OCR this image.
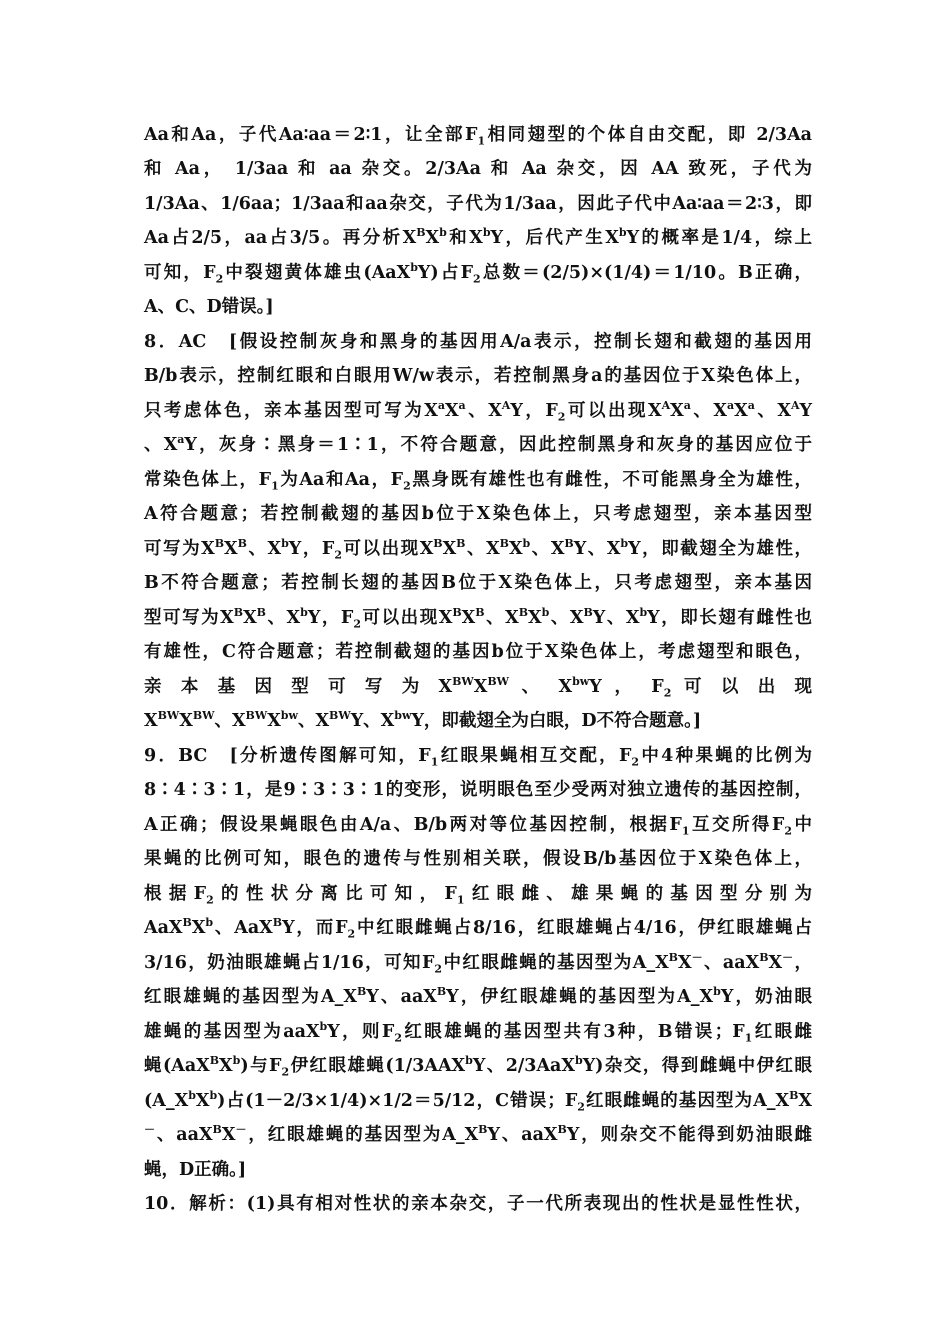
Aa和Aa，子代Aa∶aa＝2∶1，让全部$F_1$相同翅型的个体自由交配，即 2/3Aa
和 Aa， 1/3aa 和 aa 杂交。2/3Aa 和 Aa 杂交，因 AA 致死，子代为
1/3Aa、1/6aa；1/3aa和aa杂交，子代为1/3aa，因此子代中Aa∶aa＝2∶3，即
Aa占2/5，aa占3/5。再分析$X^BX^b$和$X^bY$，后代产生$X^bY$的概率是1/4，综上
可知，$F_2$中裂翅黄体雄虫(AaX$^b$Y)占$F_2$总数＝(2/5)×(1/4)＝1/10。B正确，
A、C、D错误。]
8．AC　[假设控制灰身和黑身的基因用A/a表示，控制长翅和截翅的基因用
B/b表示，控制红眼和白眼用W/w表示，若控制黑身a的基因位于X染色体上，
只考虑体色，亲本基因型可写为$X^aX^a$、$X^AY$，$F_2$可以出现$X^AX^a$、$X^aX^a$、$X^AY$
、$X^aY$，灰身∶黑身＝1∶1，不符合题意，因此控制黑身和灰身的基因应位于
常染色体上，$F_1$为Aa和Aa，$F_2$黑身既有雄性也有雌性，不可能黑身全为雄性，
A符合题意；若控制截翅的基因b位于X染色体上，只考虑翅型，亲本基因型
可写为$X^BX^B$、$X^bY$，$F_2$可以出现$X^BX^B$、$X^BX^b$、$X^BY$、$X^bY$，即截翅全为雄性，
B不符合题意；若控制长翅的基因B位于X染色体上，只考虑翅型，亲本基因
型可写为$X^BX^B$、$X^bY$，$F_2$可以出现$X^BX^B$、$X^BX^b$、$X^BY$、$X^bY$，即长翅有雌性也
有雄性，C符合题意；若控制截翅的基因b位于X染色体上，考虑翅型和眼色，
亲 本 基 因 型 可 写 为 $X^{BW}X^{BW}$ 、 $X^{bw}Y$ ， $F_2$ 可 以 出 现
$X^{BW}X^{BW}$、$X^{BW}X^{bw}$、$X^{BW}Y$、$X^{bw}Y$，即截翅全为白眼，D不符合题意。]
9．BC　[分析遗传图解可知，$F_1$红眼果蝇相互交配，$F_2$中4种果蝇的比例为
8∶4∶3∶1，是9∶3∶3∶1的变形，说明眼色至少受两对独立遗传的基因控制，
A正确；假设果蝇眼色由A/a、B/b两对等位基因控制，根据$F_1$互交所得$F_2$中
果蝇的比例可知，眼色的遗传与性别相关联，假设B/b基因位于X染色体上，
根据$F_2$的性状分离比可知，$F_1$红眼雌、雄果蝇的基因型分别为
$AaX^BX^b$、AaX$^B$Y，而$F_2$中红眼雌蝇占8/16，红眼雄蝇占4/16，伊红眼雄蝇占
3/16，奶油眼雄蝇占1/16，可知$F_2$中红眼雌蝇的基因型为$A\_X^BX^-$、aaX$^B$X－，
红眼雄蝇的基因型为$A\_X^BY$、aaX$^B$Y，伊红眼雄蝇的基因型为$A\_X^bY$，奶油眼
雄蝇的基因型为aaX$^b$Y，则$F_2$红眼雄蝇的基因型共有3种，B错误；$F_1$红眼雌
蝇$(AaX^BX^b)$与$F_2$伊红眼雄蝇(1/3AAX$^b$Y、2/3AaX$^b$Y)杂交，得到雌蝇中伊红眼
$(A\_X^bX^b)$占(1－2/3×1/4)×1/2＝5/12，C错误；$F_2$红眼雌蝇的基因型为$A\_X^BX$
－、aaX$^B$X－，红眼雄蝇的基因型为$A\_X^BY$、aaX$^B$Y，则杂交不能得到奶油眼雌
蝇，D正确。]
10．解析：(1)具有相对性状的亲本杂交，子一代所表现出的性状是显性性状，
